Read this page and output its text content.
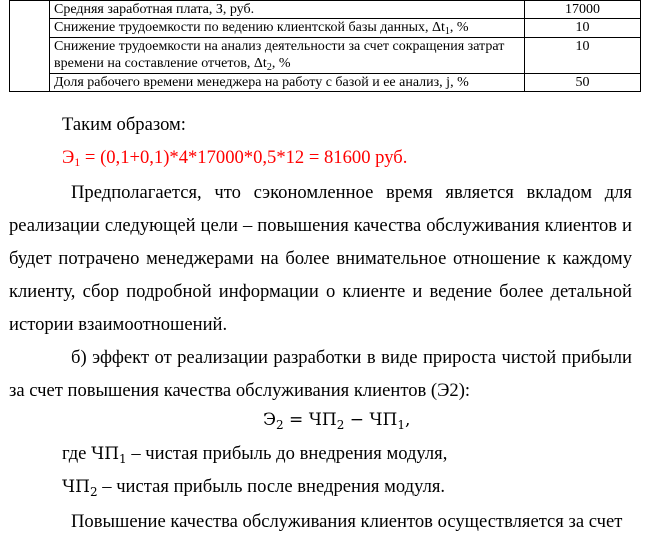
	Средняя заработная плата, З, руб.	17000
	Снижение трудоемкости по ведению клиентской базы данных, $\Delta t_1$, %	10
	Снижение трудоемкости на анализ деятельности за счет сокращения затрат времени на составление отчетов, $\Delta t_2$, %	10
	Доля рабочего времени менеджера на работу с базой и ее анализ, j, %	50
Таким образом:
Э1 = (0,1+0,1)*4*17000*0,5*12 = 81600 руб.

Предполагается, что сэкономленное время является вкладом для реализации следующей цели – повышения качества обслуживания клиентов и будет потрачено менеджерами на более внимательное отношение к каждому клиенту, сбор подробной информации о клиенте и ведение более детальной истории взаимоотношений.

б) эффект от реализации разработки в виде прироста чистой прибыли за счет повышения качества обслуживания клиентов (Э2):

$Э_2 = ЧП_2 - ЧП_1$,
где $ЧП_1$ – чистая прибыль до внедрения модуля,
$ЧП_2$ – чистая прибыль после внедрения модуля.

Повышение качества обслуживания клиентов осуществляется за счет
